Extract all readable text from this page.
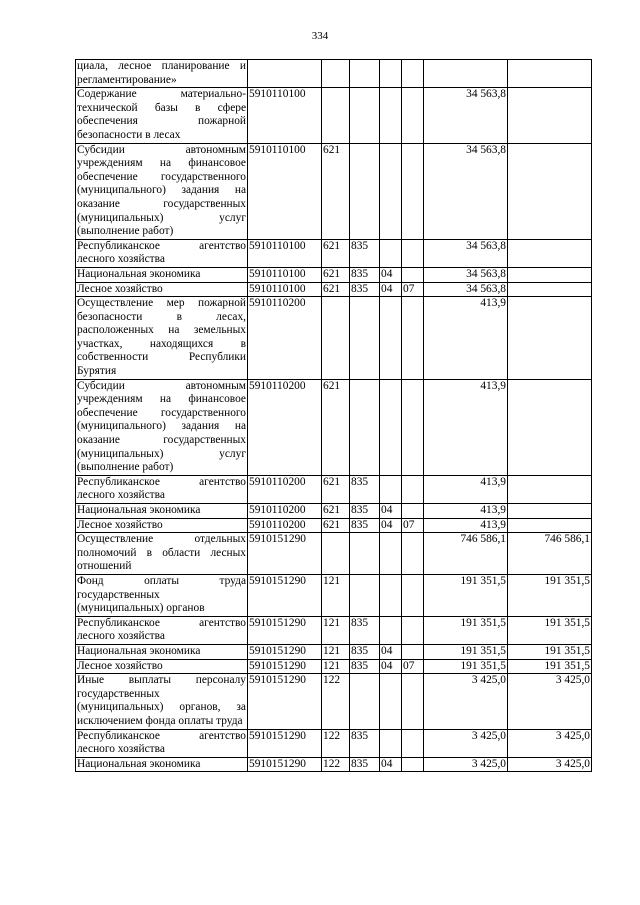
334
циала, лесное планирование и регламентирование»							
Содержание материально-технической базы в сфере обеспечения пожарной безопасности в лесах	5910110100					34 563,8	
Субсидии автономным учреждениям на финансовое обеспечение государственного (муниципального) задания на оказание государственных (муниципальных) услуг (выполнение работ)	5910110100	621				34 563,8	
Республиканское агентство лесного хозяйства	5910110100	621	835			34 563,8	
Национальная экономика	5910110100	621	835	04		34 563,8	
Лесное хозяйство	5910110100	621	835	04	07	34 563,8	
Осуществление мер пожарной безопасности в лесах, расположенных на земельных участках, находящихся в собственности Республики Бурятия	5910110200					413,9	
Субсидии автономным учреждениям на финансовое обеспечение государственного (муниципального) задания на оказание государственных (муниципальных) услуг (выполнение работ)	5910110200	621				413,9	
Республиканское агентство лесного хозяйства	5910110200	621	835			413,9	
Национальная экономика	5910110200	621	835	04		413,9	
Лесное хозяйство	5910110200	621	835	04	07	413,9	
Осуществление отдельных полномочий в области лесных отношений	5910151290					746 586,1	746 586,1
Фонд оплаты труда государственных (муниципальных) органов	5910151290	121				191 351,5	191 351,5
Республиканское агентство лесного хозяйства	5910151290	121	835			191 351,5	191 351,5
Национальная экономика	5910151290	121	835	04		191 351,5	191 351,5
Лесное хозяйство	5910151290	121	835	04	07	191 351,5	191 351,5
Иные выплаты персоналу государственных (муниципальных) органов, за исключением фонда оплаты труда	5910151290	122				3 425,0	3 425,0
Республиканское агентство лесного хозяйства	5910151290	122	835			3 425,0	3 425,0
Национальная экономика	5910151290	122	835	04		3 425,0	3 425,0
